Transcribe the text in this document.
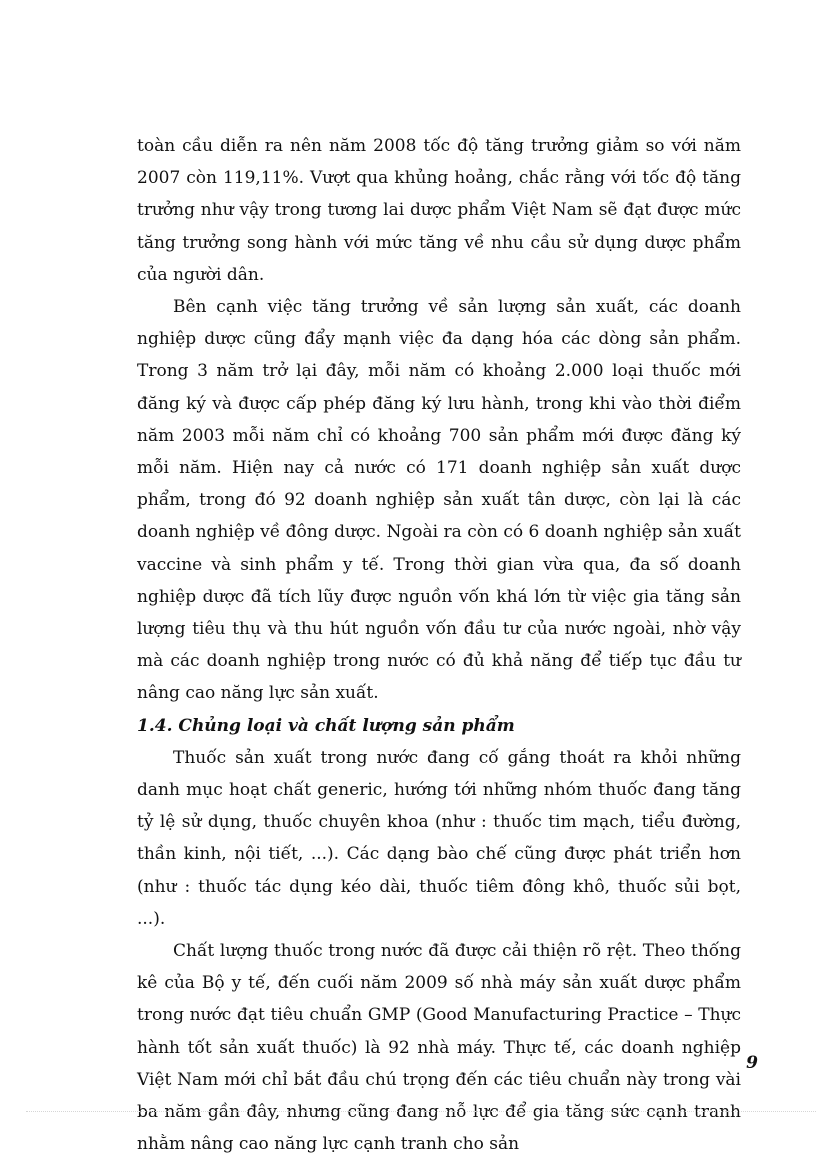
toàn cầu diễn ra nên năm 2008 tốc độ tăng trưởng giảm so với năm 2007 còn 119,11%. Vượt qua khủng hoảng, chắc rằng với tốc độ tăng trưởng như vậy trong tương lai dược phẩm Việt Nam sẽ đạt được mức tăng trưởng song hành với mức tăng về nhu cầu sử dụng dược phẩm của người dân.

Bên cạnh việc tăng trưởng về sản lượng sản xuất, các doanh nghiệp dược cũng đẩy mạnh việc đa dạng hóa các dòng sản phẩm. Trong 3 năm trở lại đây, mỗi năm có khoảng 2.000 loại thuốc mới đăng ký và được cấp phép đăng ký lưu hành, trong khi vào thời điểm năm 2003 mỗi năm chỉ có khoảng 700 sản phẩm mới được đăng ký mỗi năm. Hiện nay cả nước có 171 doanh nghiệp sản xuất dược phẩm, trong đó 92 doanh nghiệp sản xuất tân dược, còn lại là các doanh nghiệp về đông dược. Ngoài ra còn có 6 doanh nghiệp sản xuất vaccine và sinh phẩm y tế. Trong thời gian vừa qua, đa số doanh nghiệp dược đã tích lũy được nguồn vốn khá lớn từ việc gia tăng sản lượng tiêu thụ và thu hút nguồn vốn đầu tư của nước ngoài, nhờ vậy mà các doanh nghiệp trong nước có đủ khả năng để tiếp tục đầu tư nâng cao năng lực sản xuất.

1.4. Chủng loại và chất lượng sản phẩm

Thuốc sản xuất trong nước đang cố gắng thoát ra khỏi những danh mục hoạt chất generic, hướng tới những nhóm thuốc đang tăng tỷ lệ sử dụng, thuốc chuyên khoa (như : thuốc tim mạch, tiểu đường, thần kinh, nội tiết, ...). Các dạng bào chế cũng được phát triển hơn (như : thuốc tác dụng kéo dài, thuốc tiêm đông khô, thuốc sủi bọt, ...).

Chất lượng thuốc trong nước đã được cải thiện rõ rệt. Theo thống kê của Bộ y tế, đến cuối năm 2009 số nhà máy sản xuất dược phẩm trong nước đạt tiêu chuẩn GMP (Good Manufacturing Practice – Thực hành tốt sản xuất thuốc) là 92 nhà máy. Thực tế, các doanh nghiệp Việt Nam mới chỉ bắt đầu chú trọng đến các tiêu chuẩn này trong vài ba năm gần đây, nhưng cũng đang nỗ lực để gia tăng sức cạnh tranh nhằm nâng cao năng lực cạnh tranh cho sản

9
